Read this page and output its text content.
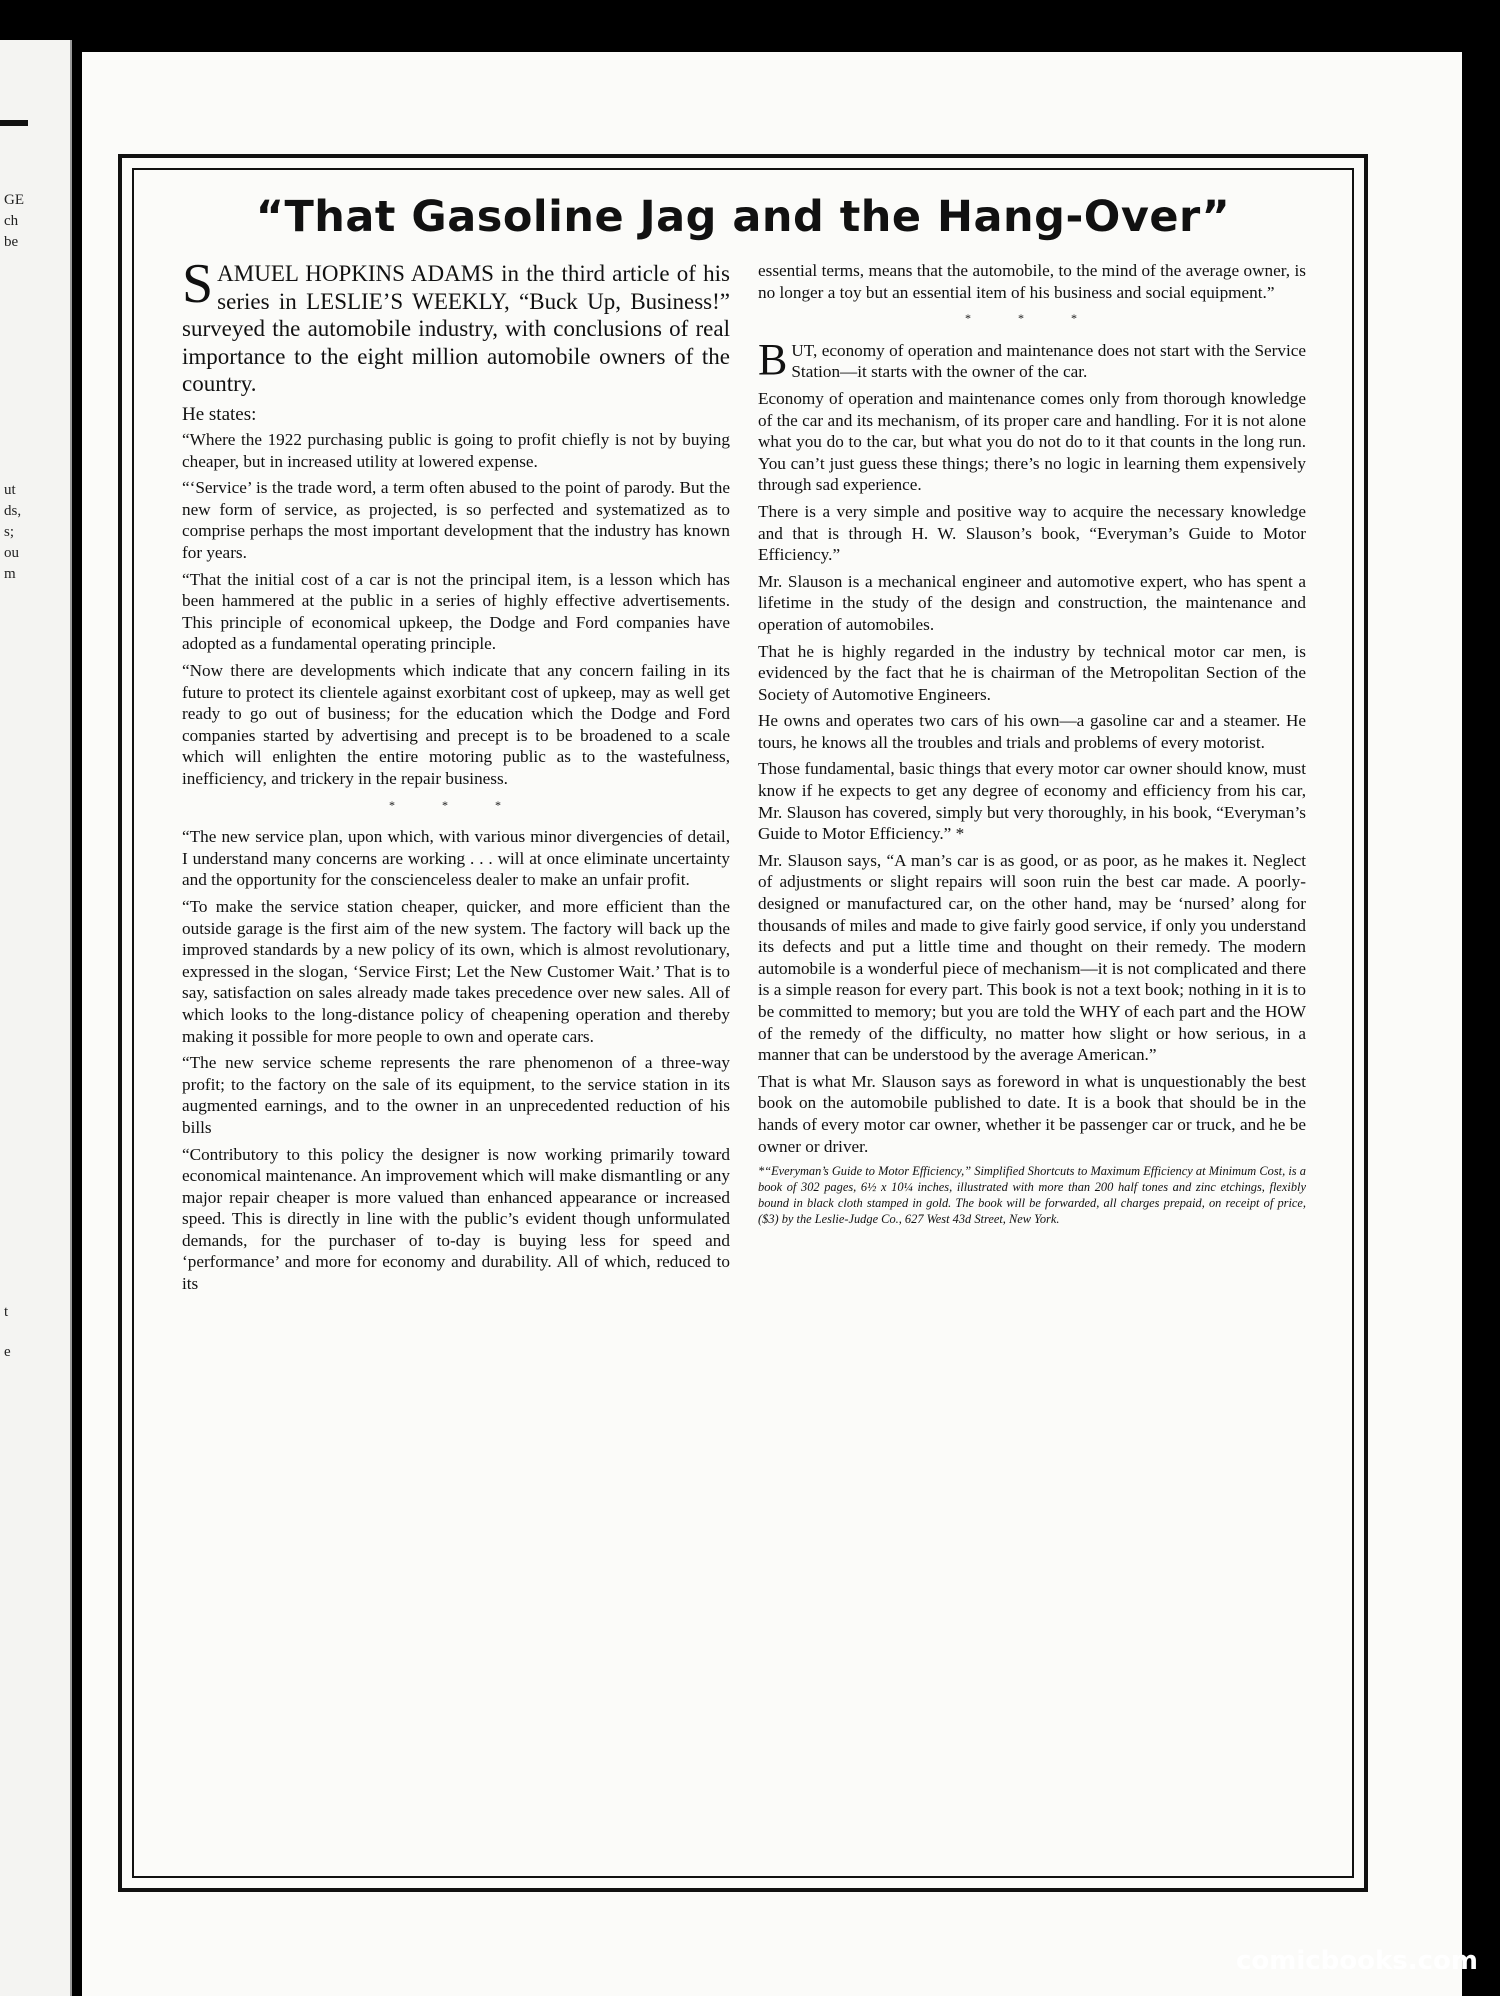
GE
ch
be
ut
ds,
s;
ou
m
t
e
“That Gasoline Jag and the Hang-Over”

SAMUEL HOPKINS ADAMS in the third article of his series in LESLIE’S WEEKLY, “Buck Up, Business!” surveyed the automobile industry, with conclusions of real importance to the eight million automobile owners of the country.

He states:

“Where the 1922 purchasing public is going to profit chiefly is not by buying cheaper, but in increased utility at lowered expense.

“‘Service’ is the trade word, a term often abused to the point of parody. But the new form of service, as projected, is so perfected and systematized as to comprise perhaps the most important development that the industry has known for years.

“That the initial cost of a car is not the principal item, is a lesson which has been hammered at the public in a series of highly effective advertisements. This principle of economical upkeep, the Dodge and Ford companies have adopted as a fundamental operating principle.

“Now there are developments which indicate that any concern failing in its future to protect its clientele against exorbitant cost of upkeep, may as well get ready to go out of business; for the education which the Dodge and Ford companies started by advertising and precept is to be broadened to a scale which will enlighten the entire motoring public as to the wastefulness, inefficiency, and trickery in the repair business.

* * *

“The new service plan, upon which, with various minor divergencies of detail, I understand many concerns are working . . . will at once eliminate uncertainty and the opportunity for the conscienceless dealer to make an unfair profit.

“To make the service station cheaper, quicker, and more efficient than the outside garage is the first aim of the new system. The factory will back up the improved standards by a new policy of its own, which is almost revolutionary, expressed in the slogan, ‘Service First; Let the New Customer Wait.’ That is to say, satisfaction on sales already made takes precedence over new sales. All of which looks to the long-distance policy of cheapening operation and thereby making it possible for more people to own and operate cars.

“The new service scheme represents the rare phenomenon of a three-way profit; to the factory on the sale of its equipment, to the service station in its augmented earnings, and to the owner in an unprecedented reduction of his bills

“Contributory to this policy the designer is now working primarily toward economical maintenance. An improvement which will make dismantling or any major repair cheaper is more valued than enhanced appearance or increased speed. This is directly in line with the public’s evident though unformulated demands, for the purchaser of to-day is buying less for speed and ‘performance’ and more for economy and durability. All of which, reduced to its

essential terms, means that the automobile, to the mind of the average owner, is no longer a toy but an essential item of his business and social equipment.”

* * *

BUT, economy of operation and maintenance does not start with the Service Station—it starts with the owner of the car.

Economy of operation and maintenance comes only from thorough knowledge of the car and its mechanism, of its proper care and handling. For it is not alone what you do to the car, but what you do not do to it that counts in the long run. You can’t just guess these things; there’s no logic in learning them expensively through sad experience.

There is a very simple and positive way to acquire the necessary knowledge and that is through H. W. Slauson’s book, “Everyman’s Guide to Motor Efficiency.”

Mr. Slauson is a mechanical engineer and automotive expert, who has spent a lifetime in the study of the design and construction, the maintenance and operation of automobiles.

That he is highly regarded in the industry by technical motor car men, is evidenced by the fact that he is chairman of the Metropolitan Section of the Society of Automotive Engineers.

He owns and operates two cars of his own—a gasoline car and a steamer. He tours, he knows all the troubles and trials and problems of every motorist.

Those fundamental, basic things that every motor car owner should know, must know if he expects to get any degree of economy and efficiency from his car, Mr. Slauson has covered, simply but very thoroughly, in his book, “Everyman’s Guide to Motor Efficiency.” *

Mr. Slauson says, “A man’s car is as good, or as poor, as he makes it. Neglect of adjustments or slight repairs will soon ruin the best car made. A poorly-designed or manufactured car, on the other hand, may be ‘nursed’ along for thousands of miles and made to give fairly good service, if only you understand its defects and put a little time and thought on their remedy. The modern automobile is a wonderful piece of mechanism—it is not complicated and there is a simple reason for every part. This book is not a text book; nothing in it is to be committed to memory; but you are told the WHY of each part and the HOW of the remedy of the difficulty, no matter how slight or how serious, in a manner that can be understood by the average American.”

That is what Mr. Slauson says as foreword in what is unquestionably the best book on the automobile published to date. It is a book that should be in the hands of every motor car owner, whether it be passenger car or truck, and he be owner or driver.

*“Everyman’s Guide to Motor Efficiency,” Simplified Shortcuts to Maximum Efficiency at Minimum Cost, is a book of 302 pages, 6½ x 10¼ inches, illustrated with more than 200 half tones and zinc etchings, flexibly bound in black cloth stamped in gold. The book will be forwarded, all charges prepaid, on receipt of price, ($3) by the Leslie-Judge Co., 627 West 43d Street, New York.

comicbooks.com
